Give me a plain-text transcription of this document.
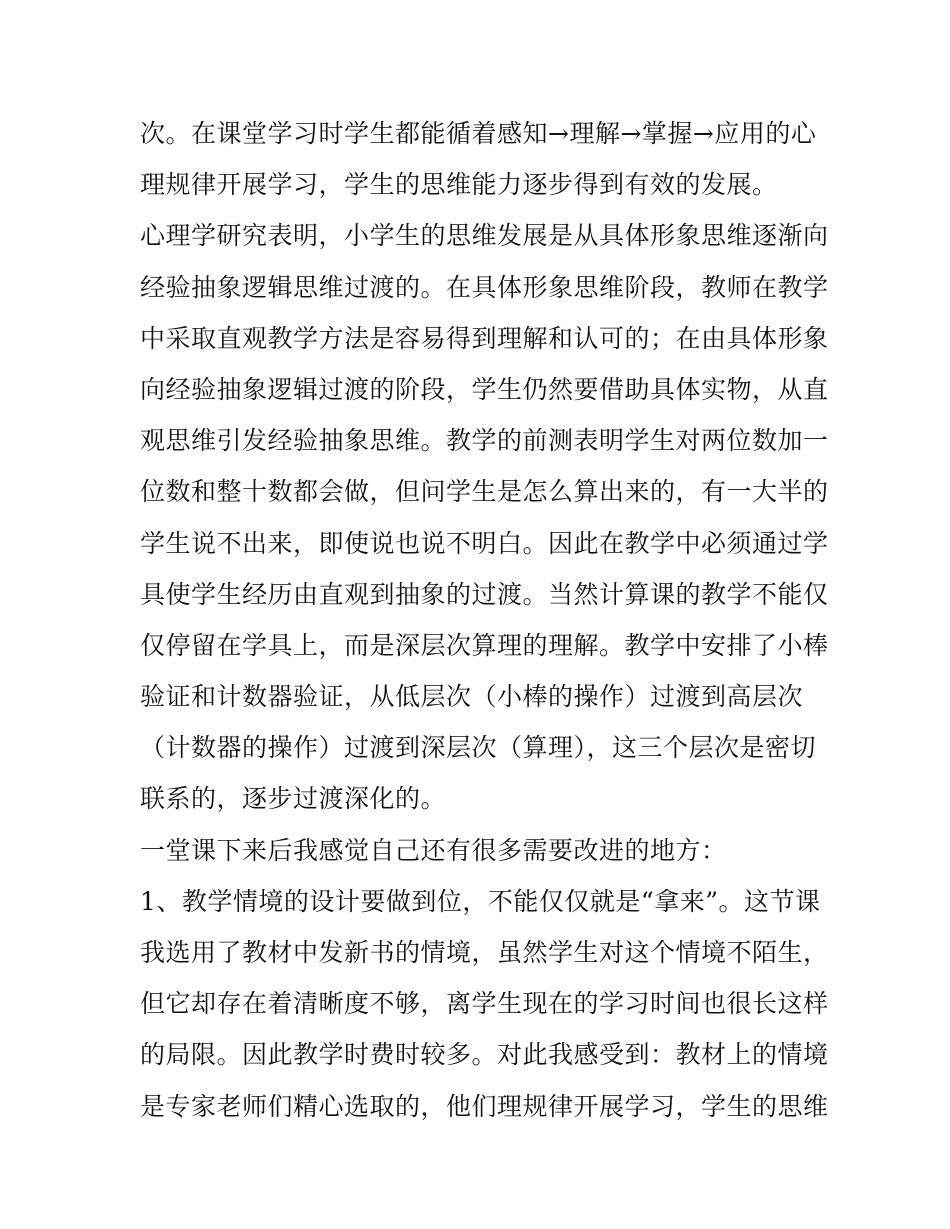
次。在课堂学习时学生都能循着感知→理解→掌握→应用的心
理规律开展学习，学生的思维能力逐步得到有效的发展。
心理学研究表明，小学生的思维发展是从具体形象思维逐渐向
经验抽象逻辑思维过渡的。在具体形象思维阶段，教师在教学
中采取直观教学方法是容易得到理解和认可的；在由具体形象
向经验抽象逻辑过渡的阶段，学生仍然要借助具体实物，从直
观思维引发经验抽象思维。教学的前测表明学生对两位数加一
位数和整十数都会做，但问学生是怎么算出来的，有一大半的
学生说不出来，即使说也说不明白。因此在教学中必须通过学
具使学生经历由直观到抽象的过渡。当然计算课的教学不能仅
仅停留在学具上，而是深层次算理的理解。教学中安排了小棒
验证和计数器验证，从低层次（小棒的操作）过渡到高层次
（计数器的操作）过渡到深层次（算理），这三个层次是密切
联系的，逐步过渡深化的。
一堂课下来后我感觉自己还有很多需要改进的地方：
1、教学情境的设计要做到位，不能仅仅就是“拿来”。这节课
我选用了教材中发新书的情境，虽然学生对这个情境不陌生，
但它却存在着清晰度不够，离学生现在的学习时间也很长这样
的局限。因此教学时费时较多。对此我感受到：教材上的情境
是专家老师们精心选取的，他们理规律开展学习，学生的思维
